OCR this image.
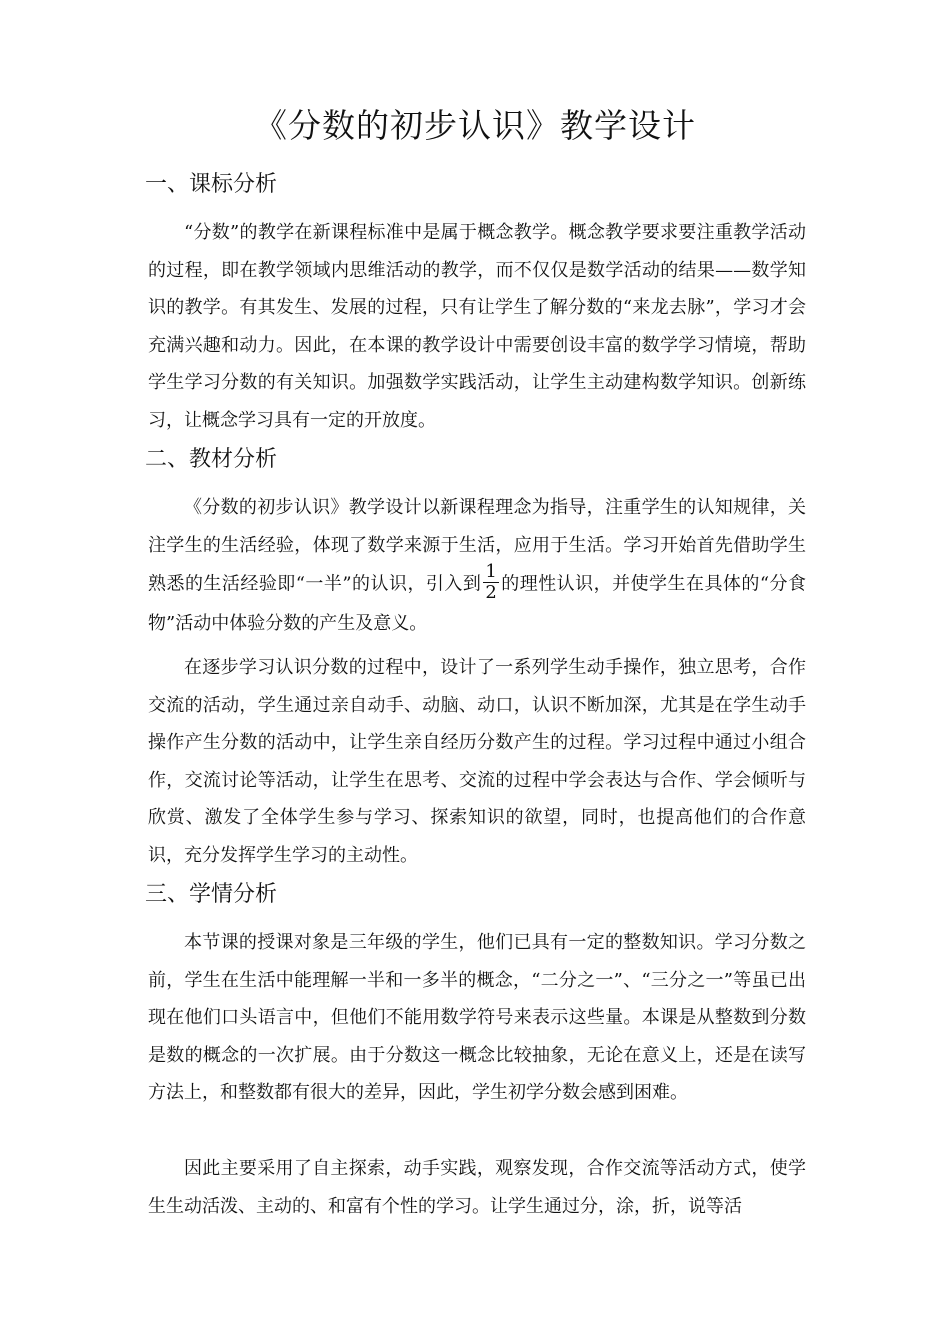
《分数的初步认识》教学设计
一、课标分析

“分数”的教学在新课程标准中是属于概念教学。概念教学要求要注重教学活动的过程，即在教学领域内思维活动的教学，而不仅仅是数学活动的结果——数学知识的教学。有其发生、发展的过程，只有让学生了解分数的“来龙去脉”，学习才会充满兴趣和动力。因此，在本课的教学设计中需要创设丰富的数学学习情境，帮助学生学习分数的有关知识。加强数学实践活动，让学生主动建构数学知识。创新练习，让概念学习具有一定的开放度。

二、教材分析

《分数的初步认识》教学设计以新课程理念为指导，注重学生的认知规律，关注学生的生活经验，体现了数学来源于生活，应用于生活。学习开始首先借助学生熟悉的生活经验即“一半”的认识，引入到 $\frac{1}{2}$ 的理性认识，并使学生在具体的“分食物”活动中体验分数的产生及意义。

在逐步学习认识分数的过程中，设计了一系列学生动手操作，独立思考，合作交流的活动，学生通过亲自动手、动脑、动口，认识不断加深，尤其是在学生动手操作产生分数的活动中，让学生亲自经历分数产生的过程。学习过程中通过小组合作，交流讨论等活动，让学生在思考、交流的过程中学会表达与合作、学会倾听与欣赏、激发了全体学生参与学习、探索知识的欲望，同时，也提高他们的合作意识，充分发挥学生学习的主动性。

三、学情分析

本节课的授课对象是三年级的学生，他们已具有一定的整数知识。学习分数之前，学生在生活中能理解一半和一多半的概念，“二分之一”、“三分之一”等虽已出现在他们口头语言中，但他们不能用数学符号来表示这些量。本课是从整数到分数是数的概念的一次扩展。由于分数这一概念比较抽象，无论在意义上，还是在读写方法上，和整数都有很大的差异，因此，学生初学分数会感到困难。

因此主要采用了自主探索，动手实践，观察发现，合作交流等活动方式，使学生生动活泼、主动的、和富有个性的学习。让学生通过分，涂，折，说等活
